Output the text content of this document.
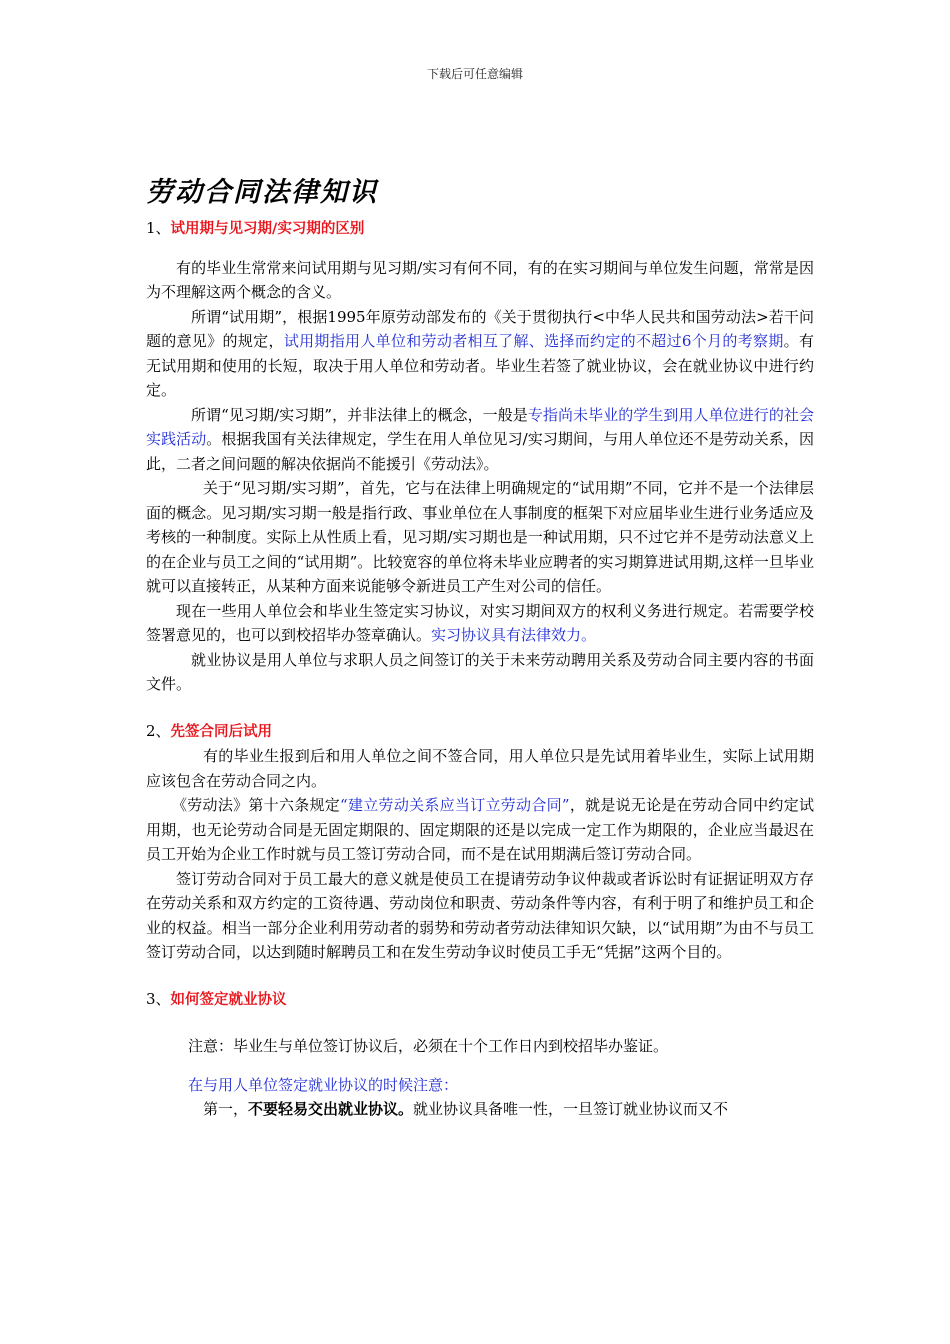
下载后可任意编辑
劳动合同法律知识
1、试用期与见习期/实习期的区别

有的毕业生常常来问试用期与见习期/实习有何不同，有的在实习期间与单位发生问题，常常是因为不理解这两个概念的含义。

所谓“试用期”，根据1995年原劳动部发布的《关于贯彻执行<中华人民共和国劳动法>若干问题的意见》的规定，试用期指用人单位和劳动者相互了解、选择而约定的不超过6个月的考察期。有无试用期和使用的长短，取决于用人单位和劳动者。毕业生若签了就业协议，会在就业协议中进行约定。

所谓“见习期/实习期”，并非法律上的概念，一般是专指尚未毕业的学生到用人单位进行的社会实践活动。根据我国有关法律规定，学生在用人单位见习/实习期间，与用人单位还不是劳动关系，因此，二者之间问题的解决依据尚不能援引《劳动法》。

关于“见习期/实习期”，首先，它与在法律上明确规定的“试用期”不同，它并不是一个法律层面的概念。见习期/实习期一般是指行政、事业单位在人事制度的框架下对应届毕业生进行业务适应及考核的一种制度。实际上从性质上看，见习期/实习期也是一种试用期，只不过它并不是劳动法意义上的在企业与员工之间的“试用期”。比较宽容的单位将未毕业应聘者的实习期算进试用期,这样一旦毕业就可以直接转正，从某种方面来说能够令新进员工产生对公司的信任。

现在一些用人单位会和毕业生签定实习协议，对实习期间双方的权利义务进行规定。若需要学校签署意见的，也可以到校招毕办签章确认。实习协议具有法律效力。

就业协议是用人单位与求职人员之间签订的关于未来劳动聘用关系及劳动合同主要内容的书面文件。

2、先签合同后试用

有的毕业生报到后和用人单位之间不签合同，用人单位只是先试用着毕业生，实际上试用期应该包含在劳动合同之内。

《劳动法》第十六条规定“建立劳动关系应当订立劳动合同”，就是说无论是在劳动合同中约定试用期，也无论劳动合同是无固定期限的、固定期限的还是以完成一定工作为期限的，企业应当最迟在员工开始为企业工作时就与员工签订劳动合同，而不是在试用期满后签订劳动合同。

签订劳动合同对于员工最大的意义就是使员工在提请劳动争议仲裁或者诉讼时有证据证明双方存在劳动关系和双方约定的工资待遇、劳动岗位和职责、劳动条件等内容，有利于明了和维护员工和企业的权益。相当一部分企业利用劳动者的弱势和劳动者劳动法律知识欠缺，以“试用期”为由不与员工签订劳动合同，以达到随时解聘员工和在发生劳动争议时使员工手无“凭据”这两个目的。

3、如何签定就业协议

注意：毕业生与单位签订协议后，必须在十个工作日内到校招毕办鉴证。

在与用人单位签定就业协议的时候注意：

第一，不要轻易交出就业协议。就业协议具备唯一性，一旦签订就业协议而又不
